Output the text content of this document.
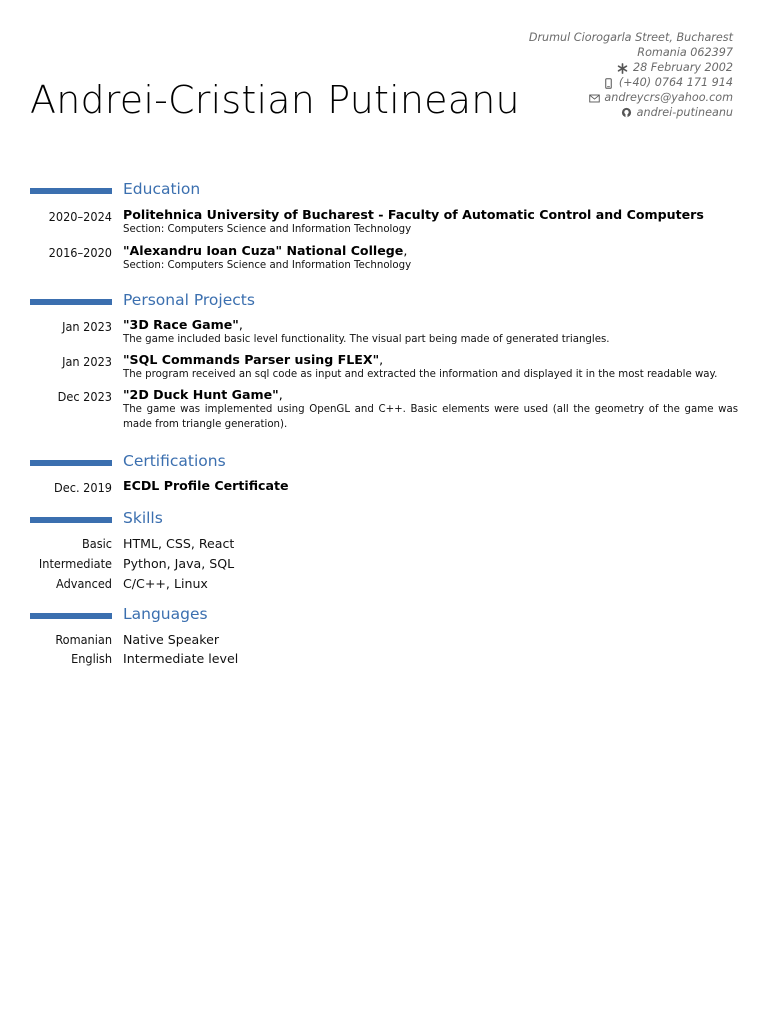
Andrei-Cristian Putineanu
Drumul Ciorogarla Street, Bucharest
Romania 062397
28 February 2002
(+40) 0764 171 914
andreycrs@yahoo.com
andrei-putineanu
Education
2020–2024 Politehnica University of Bucharest - Faculty of Automatic Control and Computers
Section: Computers Science and Information Technology
2016–2020 "Alexandru Ioan Cuza" National College,
Section: Computers Science and Information Technology
Personal Projects
Jan 2023 "3D Race Game",
The game included basic level functionality. The visual part being made of generated triangles.
Jan 2023 "SQL Commands Parser using FLEX",
The program received an sql code as input and extracted the information and displayed it in the most readable way.
Dec 2023 "2D Duck Hunt Game",
The game was implemented using OpenGL and C++. Basic elements were used (all the geometry of the game was made from triangle generation).
Certifications
Dec. 2019 ECDL Profile Certificate
Skills
Basic HTML, CSS, React
Intermediate Python, Java, SQL
Advanced C/C++, Linux
Languages
Romanian Native Speaker
English Intermediate level
